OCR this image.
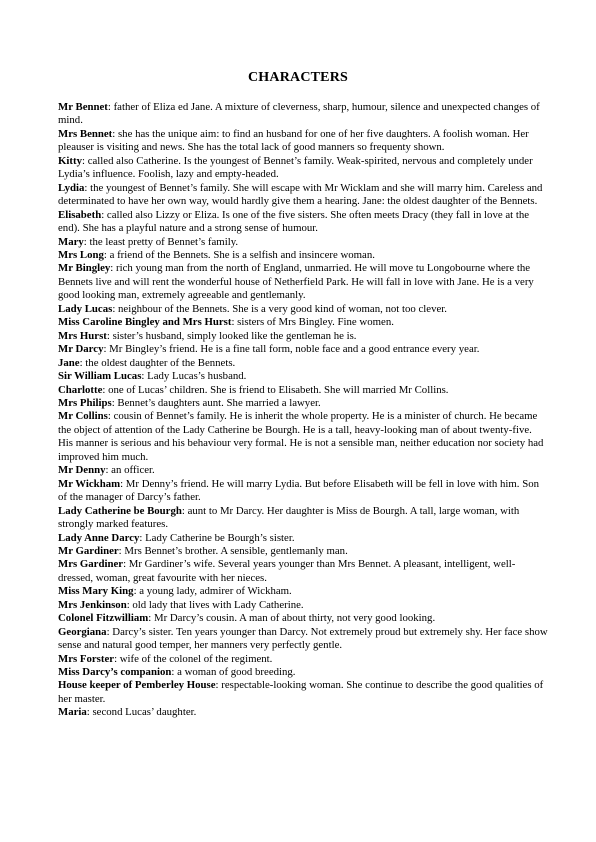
CHARACTERS

Mr Bennet: father of Eliza ed Jane. A mixture of cleverness, sharp, humour, silence and unexpected changes of mind.

Mrs Bennet: she has the unique aim: to find an husband for one of her five daughters. A foolish woman. Her pleauser is visiting and news. She has the total lack of good manners so frequenty shown.

Kitty: called also Catherine. Is the youngest of Bennet’s family. Weak-spirited, nervous and completely under Lydia’s influence. Foolish, lazy and empty-headed.

Lydia: the youngest of Bennet’s family. She will escape with Mr Wicklam and she will marry him. Careless and determinated to have her own way, would hardly give them a hearing. Jane: the oldest daughter of the Bennets.

Elisabeth: called also Lizzy or Eliza. Is one of the five sisters. She often meets Dracy (they fall in love at the end). She has a playful nature and a strong sense of humour.

Mary: the least pretty of Bennet’s family.

Mrs Long: a friend of the Bennets. She is a selfish and insincere woman.

Mr Bingley: rich young man from the north of England, unmarried. He will move tu Longobourne where the Bennets live and will rent the wonderful house of Netherfield Park. He will fall in love with Jane. He is a very good looking man, extremely agreeable and gentlemanly.

Lady Lucas: neighbour of the Bennets. She is a very good kind of woman, not too clever.

Miss Caroline Bingley and Mrs Hurst: sisters of Mrs Bingley. Fine women.

Mrs Hurst: sister’s husband, simply looked like the gentleman he is.

Mr Darcy: Mr Bingley’s friend. He is a fine tall form, noble face and a good entrance every year.

Jane: the oldest daughter of the Bennets.

Sir William Lucas: Lady Lucas’s husband.

Charlotte: one of Lucas’ children. She is friend to Elisabeth. She will married Mr Collins.

Mrs Philips: Bennet’s daughters aunt. She married a lawyer.

Mr Collins: cousin of Bennet’s family. He is inherit the whole property. He is a minister of church. He became the object of attention of the Lady Catherine be Bourgh. He is a tall, heavy-looking man of about twenty-five. His manner is serious and his behaviour very formal. He is not a sensible man, neither education nor society had improved him much.

Mr Denny: an officer.

Mr Wickham: Mr Denny’s friend. He will marry Lydia. But before Elisabeth will be fell in love with him. Son of the manager of Darcy’s father.

Lady Catherine be Bourgh: aunt to Mr Darcy. Her daughter is Miss de Bourgh. A tall, large woman, with strongly marked features.

Lady Anne Darcy: Lady Catherine be Bourgh’s sister.

Mr Gardiner: Mrs Bennet’s brother. A sensible, gentlemanly man.

Mrs Gardiner: Mr Gardiner’s wife. Several years younger than Mrs Bennet. A pleasant, intelligent, well-dressed, woman, great favourite with her nieces.

Miss Mary King: a young lady, admirer of Wickham.

Mrs Jenkinson: old lady that lives with Lady Catherine.

Colonel Fitzwilliam: Mr Darcy’s cousin. A man of about thirty, not very good looking.

Georgiana: Darcy’s sister. Ten years younger than Darcy. Not extremely proud but extremely shy. Her face show sense and natural good temper, her manners very perfectly gentle.

Mrs Forster: wife of the colonel of the regiment.

Miss Darcy’s companion: a woman of good breeding.

House keeper of Pemberley House: respectable-looking woman. She continue to describe the good qualities of her master.

Maria: second Lucas’ daughter.
